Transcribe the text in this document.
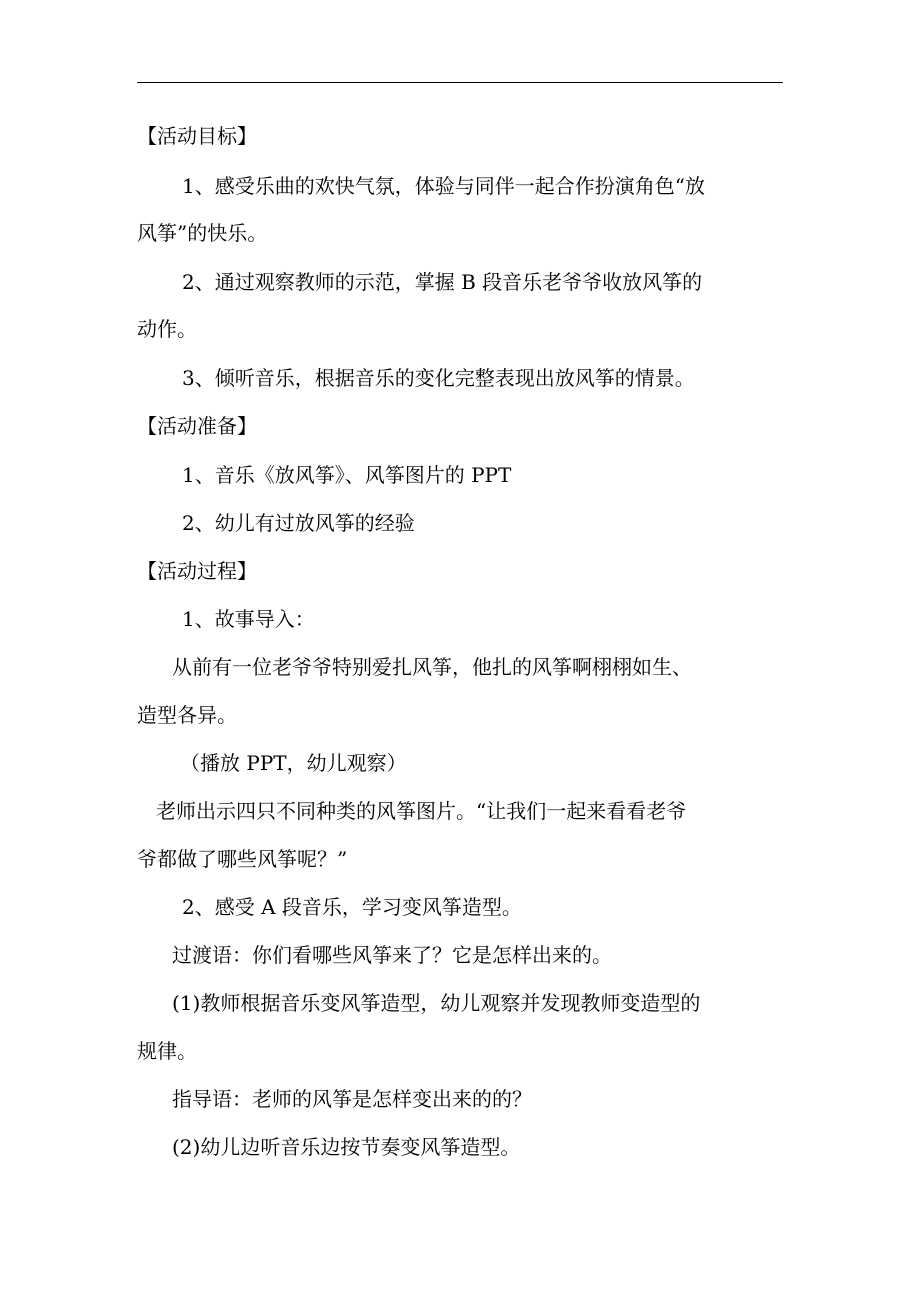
【活动目标】
1、感受乐曲的欢快气氛，体验与同伴一起合作扮演角色“放
风筝”的快乐。
2、通过观察教师的示范，掌握 B 段音乐老爷爷收放风筝的
动作。
3、倾听音乐，根据音乐的变化完整表现出放风筝的情景。
【活动准备】
1、音乐《放风筝》、风筝图片的 PPT
2、幼儿有过放风筝的经验
【活动过程】
1、故事导入：
从前有一位老爷爷特别爱扎风筝，他扎的风筝啊栩栩如生、
造型各异。
（播放 PPT，幼儿观察）
老师出示四只不同种类的风筝图片。“让我们一起来看看老爷
爷都做了哪些风筝呢？”
2、感受 A 段音乐，学习变风筝造型。
过渡语：你们看哪些风筝来了？它是怎样出来的。
(1)教师根据音乐变风筝造型，幼儿观察并发现教师变造型的
规律。
指导语：老师的风筝是怎样变出来的的？
(2)幼儿边听音乐边按节奏变风筝造型。
